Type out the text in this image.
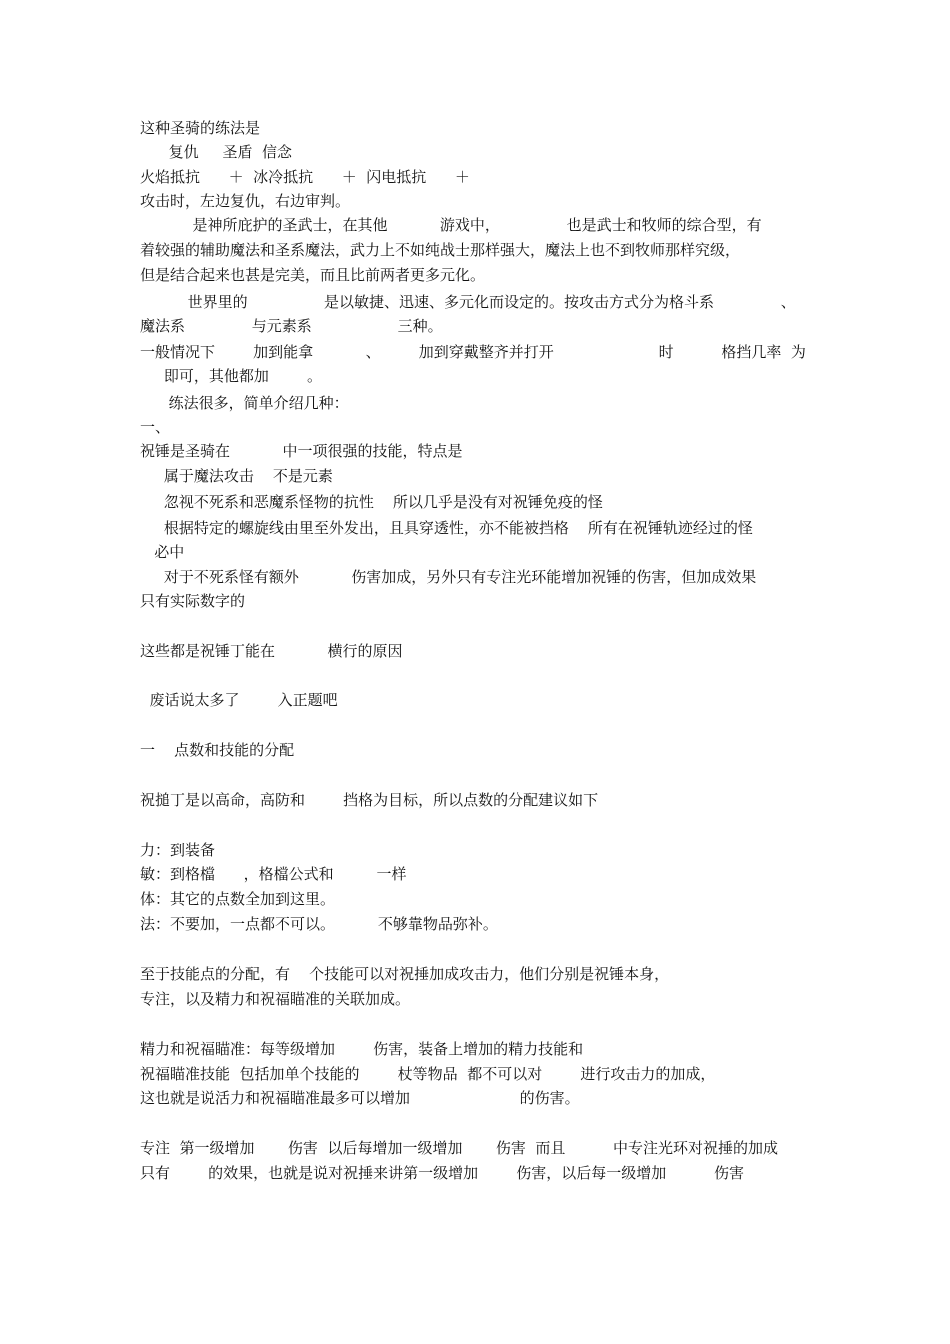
这种圣骑的练法是

复仇     圣盾  信念

火焰抵抗      ＋  冰冷抵抗      ＋  闪电抵抗      ＋

攻击时，左边复仇，右边审判。

是神所庇护的圣武士，在其他           游戏中，              也是武士和牧师的综合型，有

着较强的辅助魔法和圣系魔法，武力上不如纯战士那样强大，魔法上也不到牧师那样究级，

但是结合起来也甚是完美，而且比前两者更多元化。

世界里的                是以敏捷、迅速、多元化而设定的。按攻击方式分为格斗系              、

魔法系              与元素系                  三种。

一般情况下        加到能拿           、        加到穿戴整齐并打开                      时          格挡几率  为

即可，其他都加        。

练法很多，简单介绍几种：

一、

祝锤是圣骑在           中一项很强的技能，特点是

属于魔法攻击    不是元素

忽视不死系和恶魔系怪物的抗性    所以几乎是没有对祝锤免疫的怪

根据特定的螺旋线由里至外发出，且具穿透性，亦不能被挡格    所有在祝锤轨迹经过的怪

必中

对于不死系怪有额外           伤害加成，另外只有专注光环能增加祝锤的伤害，但加成效果

只有实际数字的

这些都是祝锤丁能在           横行的原因

废话说太多了        入正题吧

一    点数和技能的分配

祝搥丁是以高命，高防和        挡格为目标，所以点数的分配建议如下

力：到装备

敏：到格檔      ，格檔公式和         一样

体：其它的点数全加到这里。

法：不要加，一点都不可以。         不够靠物品弥补。

至于技能点的分配，有    个技能可以对祝捶加成攻击力，他们分别是祝锤本身，

专注，以及精力和祝福瞄准的关联加成。

精力和祝福瞄准：每等级增加        伤害，装备上增加的精力技能和

祝福瞄准技能  包括加单个技能的        杖等物品  都不可以对        进行攻击力的加成，

这也就是说活力和祝福瞄准最多可以增加                       的伤害。

专注  第一级增加       伤害  以后每增加一级增加       伤害  而且          中专注光环对祝捶的加成

只有        的效果，也就是说对祝捶来讲第一级增加        伤害，以后每一级增加          伤害
